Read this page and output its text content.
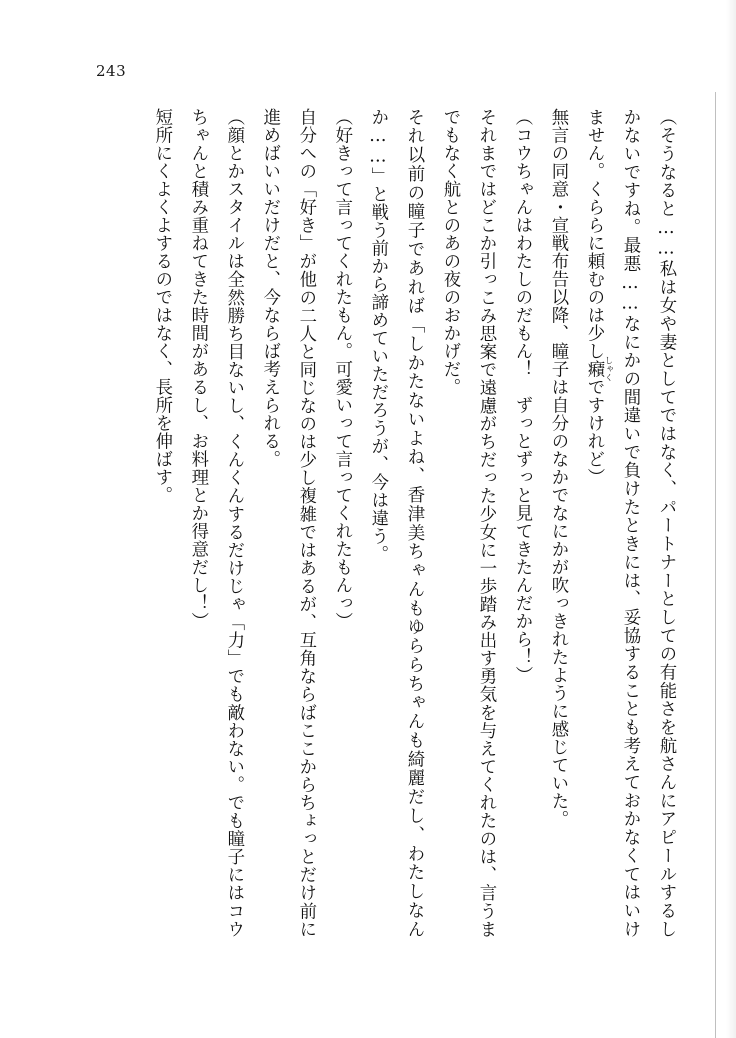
243

（そうなると……私は女や妻としてではなく、パートナーとしての有能さを航さんにアピールするしかないですね。最悪……なにかの間違いで負けたときには、妥協することも考えておかなくてはいけません。くららに頼むのは少し癪 しゃくですけれど）

無言の同意・宣戦布告以降、瞳子は自分のなかでなにかが吹っきれたように感じていた。

（コウちゃんはわたしのだもん！　ずっとずっと見てきたんだから！）

それまではどこか引っこみ思案で遠慮がちだった少女に一歩踏み出す勇気を与えてくれたのは、言うまでもなく航とのあの夜のおかげだ。

それ以前の瞳子であれば「しかたないよね、香津美ちゃんもゆららちゃんも綺麗だし、わたしなんか……」と戦う前から諦めていただろうが、今は違う。

（好きって言ってくれたもん。可愛いって言ってくれたもんっ）

自分への「好き」が他の二人と同じなのは少し複雑ではあるが、互角ならばここからちょっとだけ前に進めばいいだけだと、今ならば考えられる。

（顔とかスタイルは全然勝ち目ないし、くんくんするだけじゃ「力」でも敵わない。でも瞳子にはコウちゃんと積み重ねてきた時間があるし、お料理とか得意だし！）

短所にくよくよするのではなく、長所を伸ばす。
